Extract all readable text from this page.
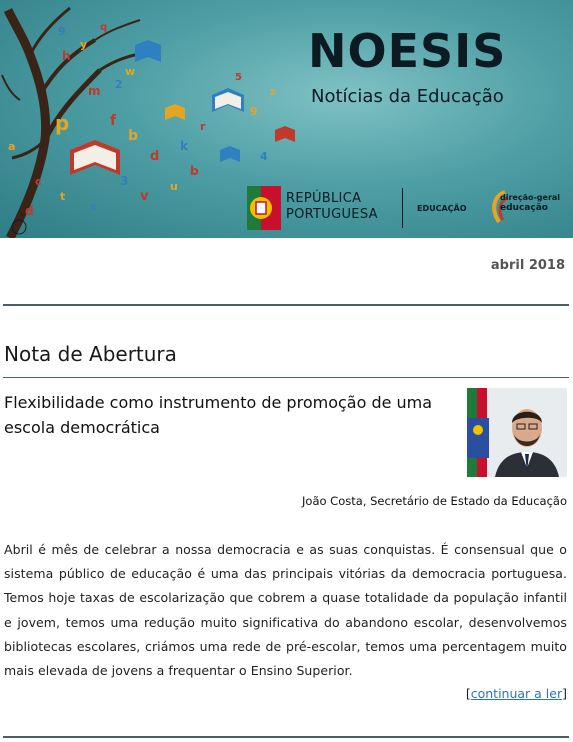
p	f
b
d
v
3
k
b
u
m 2
w
h
y
9	q
d
t
s
r
9
4
5
z
a
c
NOESIS
Notícias da Educação
REPÚBLICA
PORTUGUESA	EDUCAÇÃO
direção-geral
educação
abril 2018
Nota de Abertura
Flexibilidade como instrumento de promoção de uma escola democrática
João Costa, Secretário de Estado da Educação
Abril é mês de celebrar a nossa democracia e as suas conquistas. É consensual que o sistema público de educação é uma das principais vitórias da democracia portuguesa. Temos hoje taxas de escolarização que cobrem a quase totalidade da população infantil e jovem, temos uma redução muito significativa do abandono escolar, desenvolvemos bibliotecas escolares, criámos uma rede de pré-escolar, temos uma percentagem muito mais elevada de jovens a frequentar o Ensino Superior.
[continuar a ler]
